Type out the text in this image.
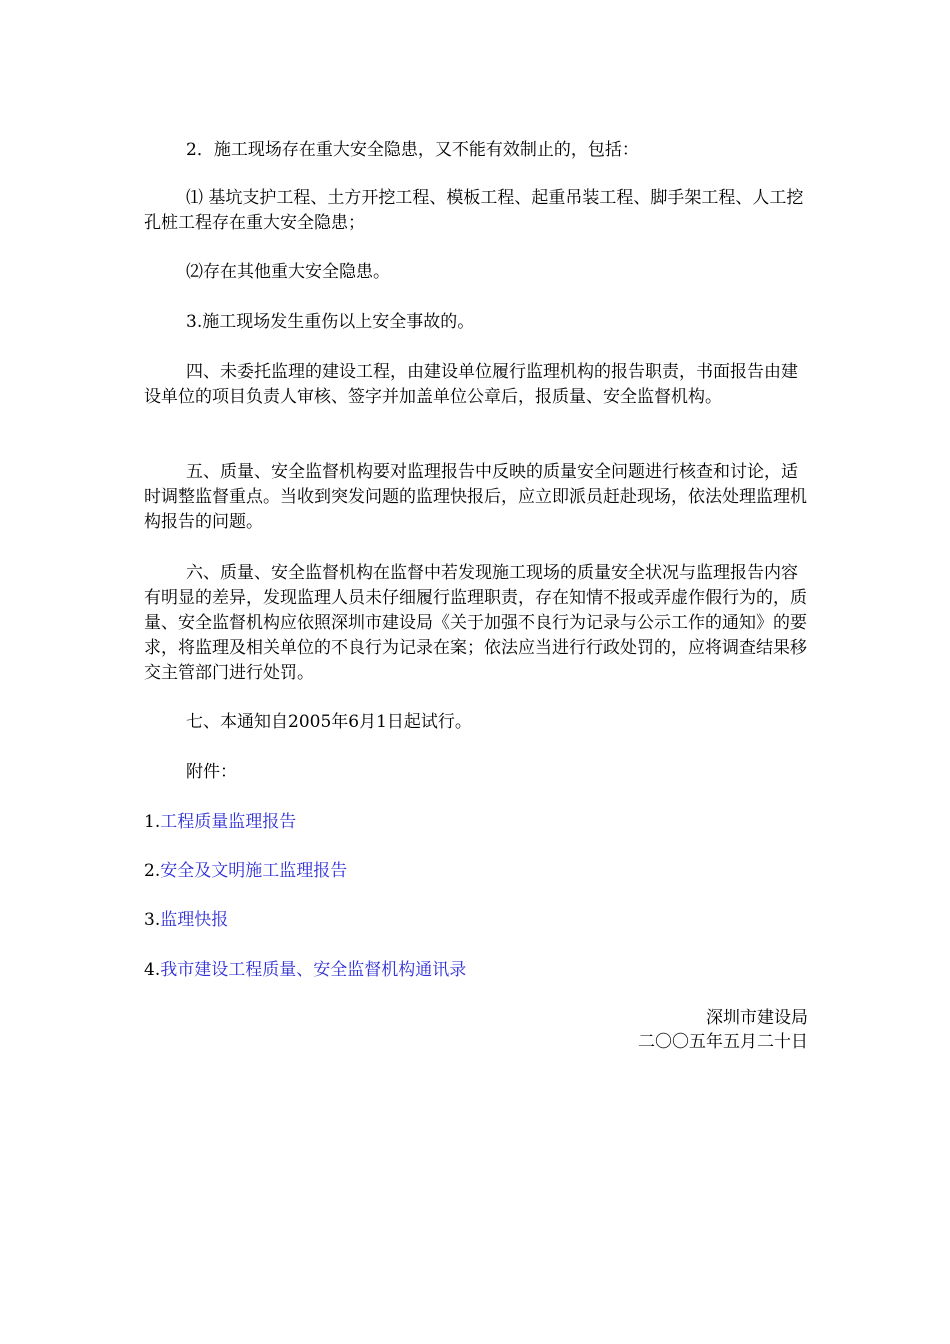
2．施工现场存在重大安全隐患，又不能有效制止的，包括：

⑴ 基坑支护工程、土方开挖工程、模板工程、起重吊装工程、脚手架工程、人工挖孔桩工程存在重大安全隐患；

⑵存在其他重大安全隐患。

3.施工现场发生重伤以上安全事故的。

四、未委托监理的建设工程，由建设单位履行监理机构的报告职责，书面报告由建设单位的项目负责人审核、签字并加盖单位公章后，报质量、安全监督机构。

五、质量、安全监督机构要对监理报告中反映的质量安全问题进行核查和讨论，适时调整监督重点。当收到突发问题的监理快报后，应立即派员赶赴现场，依法处理监理机构报告的问题。

六、质量、安全监督机构在监督中若发现施工现场的质量安全状况与监理报告内容有明显的差异，发现监理人员未仔细履行监理职责，存在知情不报或弄虚作假行为的，质量、安全监督机构应依照深圳市建设局《关于加强不良行为记录与公示工作的通知》的要求，将监理及相关单位的不良行为记录在案；依法应当进行行政处罚的，应将调查结果移交主管部门进行处罚。

七、本通知自2005年6月1日起试行。

附件：

1.工程质量监理报告
2.安全及文明施工监理报告
3.监理快报
4.我市建设工程质量、安全监督机构通讯录
深圳市建设局
二〇〇五年五月二十日
